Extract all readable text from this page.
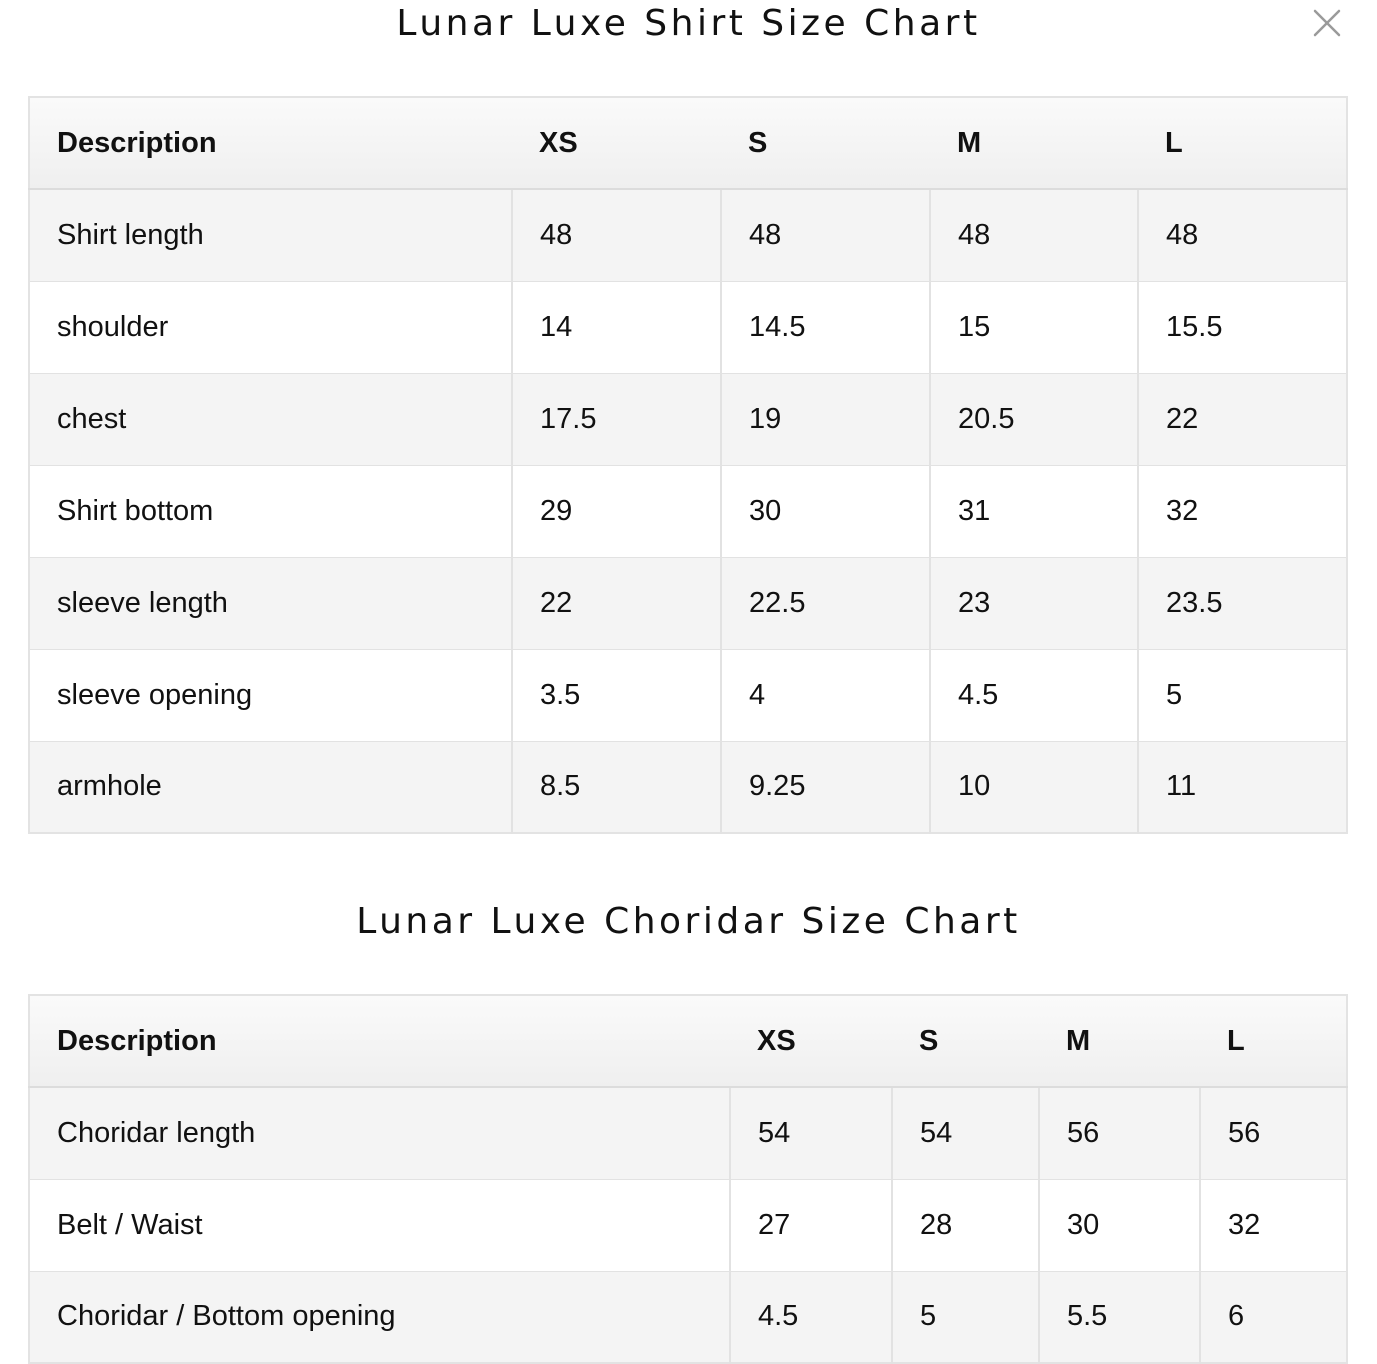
Lunar Luxe Shirt Size Chart
Description	XS	S	M	L
Shirt length	48	48	48	48
shoulder	14	14.5	15	15.5
chest	17.5	19	20.5	22
Shirt bottom	29	30	31	32
sleeve length	22	22.5	23	23.5
sleeve opening	3.5	4	4.5	5
armhole	8.5	9.25	10	11
Lunar Luxe Choridar Size Chart
Description	XS	S	M	L
Choridar length	54	54	56	56
Belt / Waist	27	28	30	32
Choridar / Bottom opening	4.5	5	5.5	6
